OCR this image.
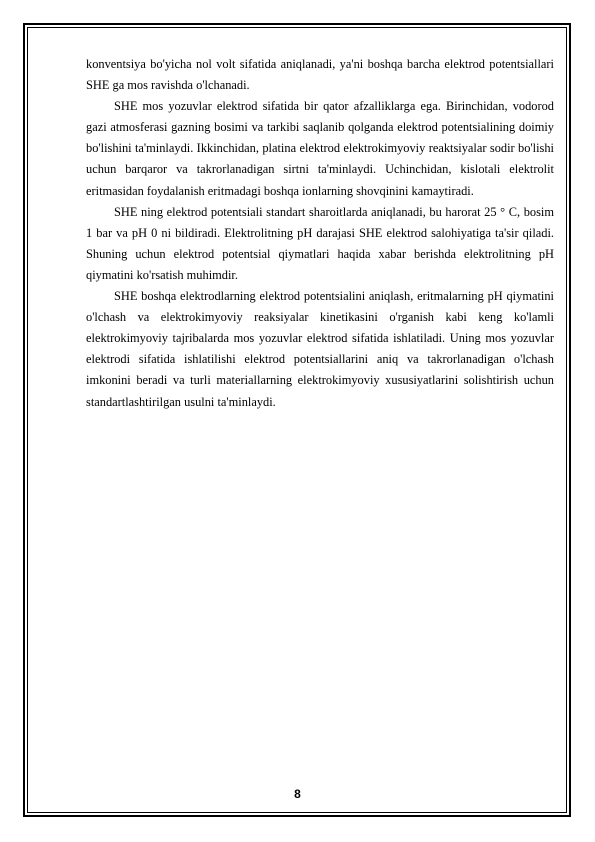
konventsiya bo'yicha nol volt sifatida aniqlanadi, ya'ni boshqa barcha elektrod potentsiallari SHE ga mos ravishda o'lchanadi.

SHE mos yozuvlar elektrod sifatida bir qator afzalliklarga ega. Birinchidan, vodorod gazi atmosferasi gazning bosimi va tarkibi saqlanib qolganda elektrod potentsialining doimiy bo'lishini ta'minlaydi. Ikkinchidan, platina elektrod elektrokimyoviy reaktsiyalar sodir bo'lishi uchun barqaror va takrorlanadigan sirtni ta'minlaydi. Uchinchidan, kislotali elektrolit eritmasidan foydalanish eritmadagi boshqa ionlarning shovqinini kamaytiradi.

SHE ning elektrod potentsiali standart sharoitlarda aniqlanadi, bu harorat 25 ° C, bosim 1 bar va pH 0 ni bildiradi. Elektrolitning pH darajasi SHE elektrod salohiyatiga ta'sir qiladi. Shuning uchun elektrod potentsial qiymatlari haqida xabar berishda elektrolitning pH qiymatini ko'rsatish muhimdir.

SHE boshqa elektrodlarning elektrod potentsialini aniqlash, eritmalarning pH qiymatini o'lchash va elektrokimyoviy reaksiyalar kinetikasini o'rganish kabi keng ko'lamli elektrokimyoviy tajribalarda mos yozuvlar elektrod sifatida ishlatiladi. Uning mos yozuvlar elektrodi sifatida ishlatilishi elektrod potentsiallarini aniq va takrorlanadigan o'lchash imkonini beradi va turli materiallarning elektrokimyoviy xususiyatlarini solishtirish uchun standartlashtirilgan usulni ta'minlaydi.

8
